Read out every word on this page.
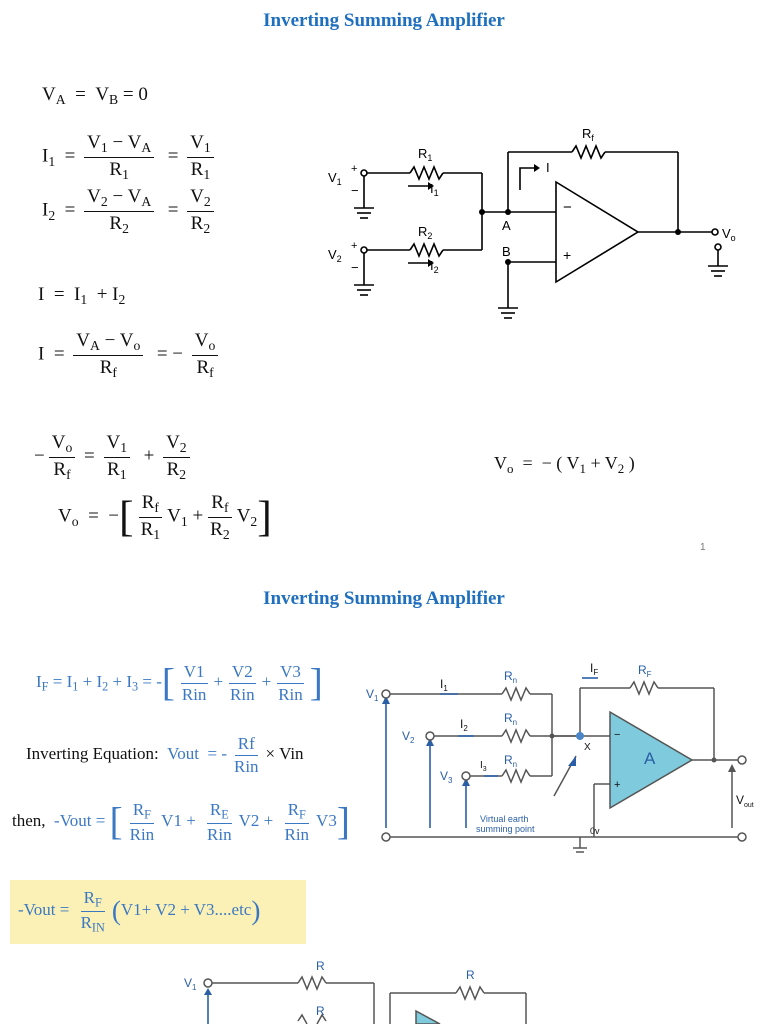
Inverting Summing Amplifier
$V_A = V_B = 0$
$I_1 = \frac{V_1 - V_A}{R_1} = \frac{V_1}{R_1}$
$I_2 = \frac{V_2 - V_A}{R_2} = \frac{V_2}{R_2}$
$I = I_1 + I_2$
$I = \frac{V_A - V_o}{R_f}$ = − $\frac{V_o}{R_f}$
− $\frac{V_o}{R_f} = \frac{V_1}{R_1} + \frac{V_2}{R_2}$
$V_o$  =  −[ $\frac{R_f}{R_1} V_1 + \frac{R_f}{R_2} V_2$]
$V_o$  =  − ( $V_1 + V_2$ )
1
$V_1$
$V_2$
+
−
+
−
$R_1$
$R_2$
$R_f$
$I_1$
$I_2$
I
A
B
−
+
$V_o$
Inverting Summing Amplifier
$I_F = I_1 + I_2 + I_3$ = -[ $\frac{V1}{\text{Rin}} + \frac{V2}{\text{Rin}} + \frac{V3}{\text{Rin}}$ ]
Inverting Equation:  Vout  = - $\frac{Rf}{\text{Rin}}$ × Vin
then,  -Vout = [ $\frac{R_F}{\text{Rin}} V1 + \frac{R_E}{\text{Rin}} V2 + \frac{R_F}{\text{Rin}} V3$]
-Vout = $\frac{R_F}{R_{IN}} (V1+ V2 + V3....etc)$
$V_1$
$V_2$
$V_3$
$R_n$
$R_n$
$R_n$
$R_F$
A
Virtual earth
summing point
$I_1$
$I_2$
$I_3$
$I_F$
X
−
+
0v
$V_{out}$
$V_1$
R
R
R
